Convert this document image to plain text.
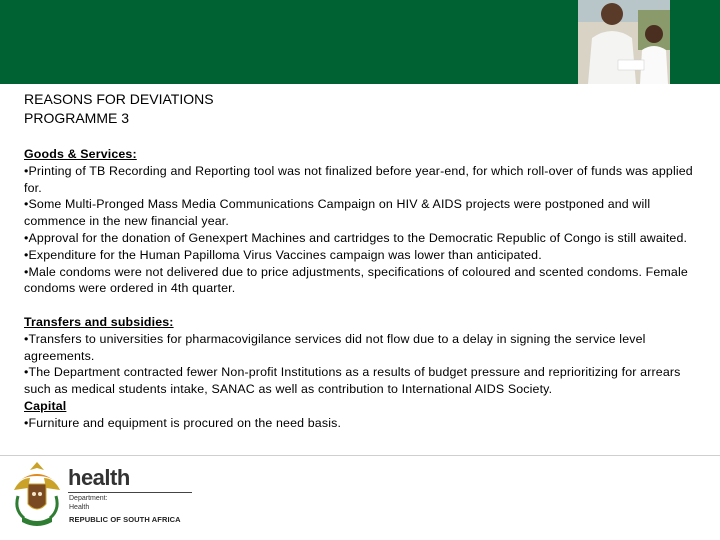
REASONS FOR DEVIATIONS
PROGRAMME 3
Goods & Services:
•Printing of TB Recording and Reporting tool was not finalized before year-end, for which roll-over of funds was applied for.
•Some Multi-Pronged Mass Media Communications Campaign on HIV & AIDS projects were postponed and will commence in the new financial year.
•Approval for the donation of Genexpert Machines and cartridges to the Democratic Republic of Congo is still awaited.
•Expenditure for the Human Papilloma Virus Vaccines campaign was lower than anticipated.
•Male condoms were not delivered due to price adjustments, specifications of coloured and scented condoms. Female condoms were ordered in 4th quarter.
Transfers and subsidies:
•Transfers to universities for pharmacovigilance services did not flow due to a delay in signing the service level agreements.
•The Department contracted fewer Non-profit Institutions as a results of budget pressure and reprioritizing for arrears such as medical students intake, SANAC as well as contribution to International AIDS Society.
Capital
•Furniture and equipment is procured on the need basis.
health
Department:
Health
REPUBLIC OF SOUTH AFRICA
